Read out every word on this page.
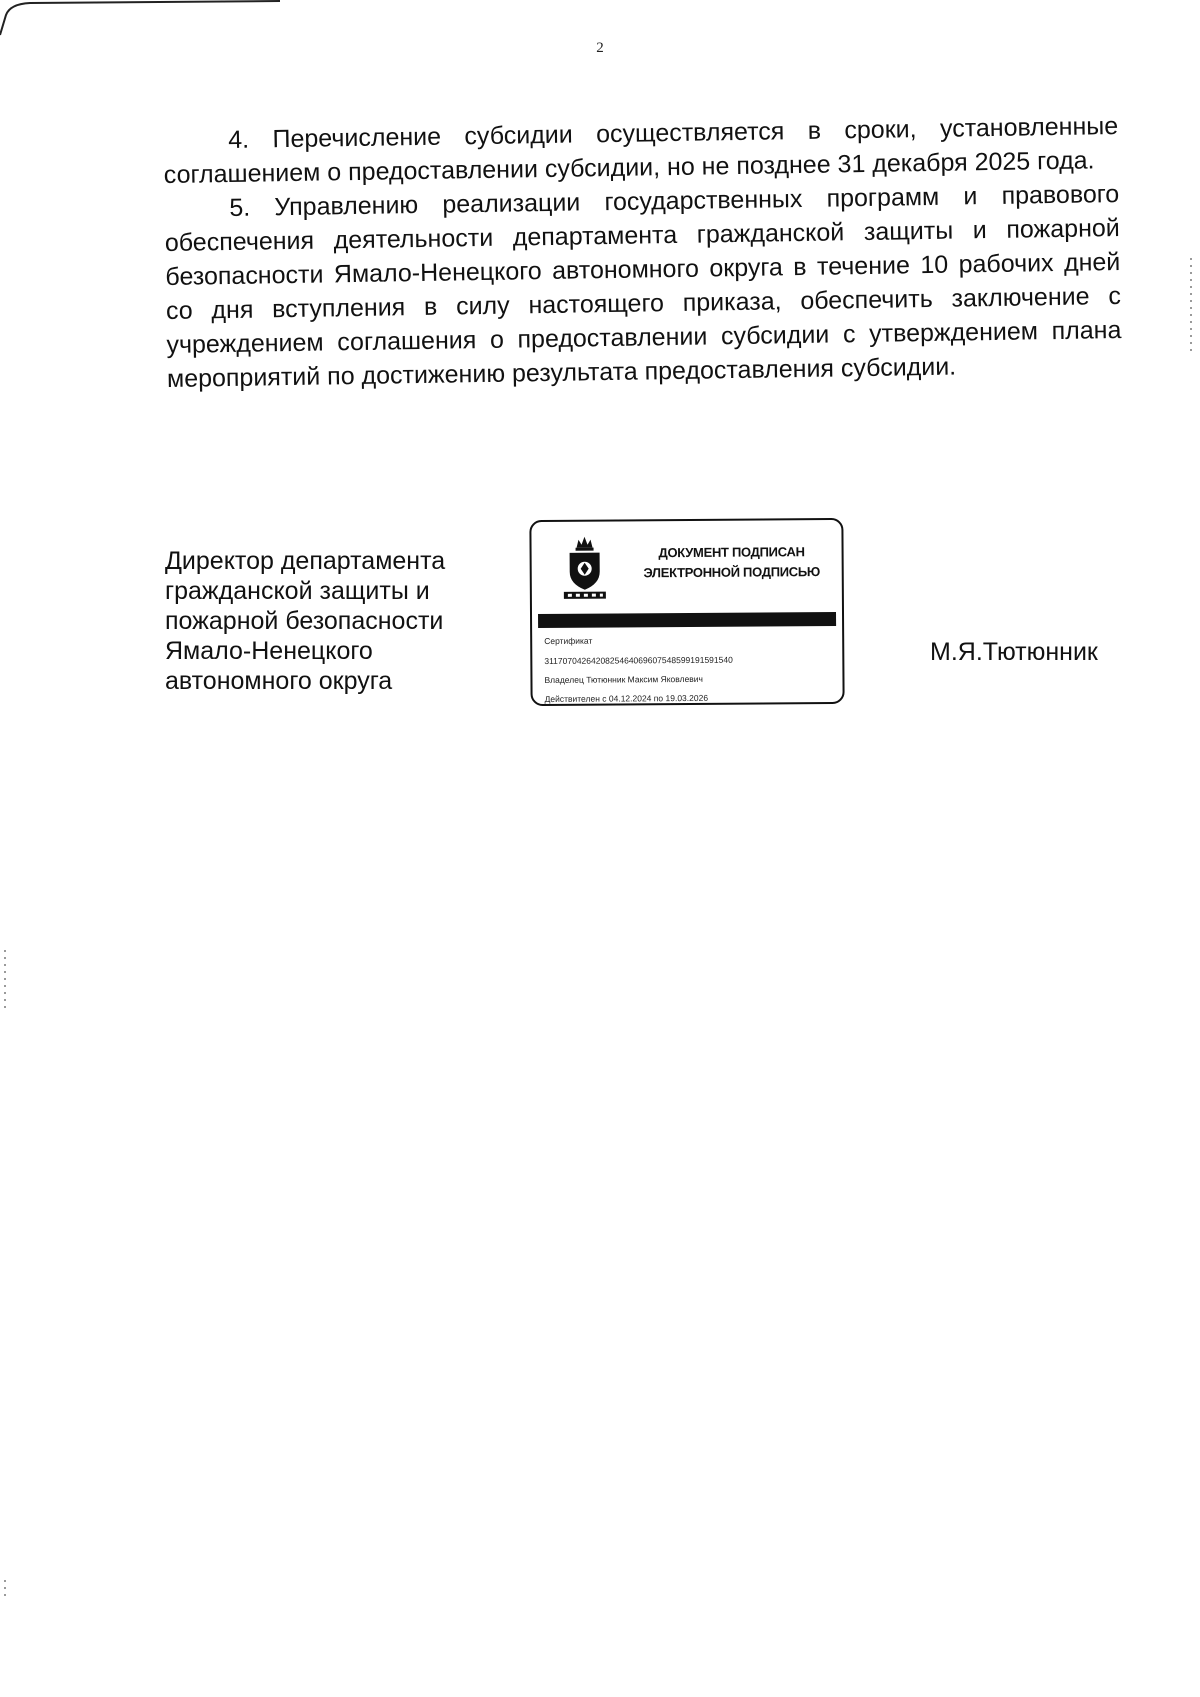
2

4. Перечисление субсидии осуществляется в сроки, установленные соглашением о предоставлении субсидии, но не позднее 31 декабря 2025 года.

5. Управлению реализации государственных программ и правового обеспечения деятельности департамента гражданской защиты и пожарной безопасности Ямало-Ненецкого автономного округа в течение 10 рабочих дней со дня вступления в силу настоящего приказа, обеспечить заключение с учреждением соглашения о предоставлении субсидии с утверждением плана мероприятий по достижению результата предоставления субсидии.

Директор департамента
гражданской защиты и
пожарной безопасности
Ямало-Ненецкого
автономного округа
ДОКУМЕНТ ПОДПИСАН
ЭЛЕКТРОННОЙ ПОДПИСЬЮ
Сертификат
3117070426420825464069607548599191591540
Владелец Тютюнник Максим Яковлевич
Действителен с 04.12.2024 по 19.03.2026
М.Я.Тютюнник
